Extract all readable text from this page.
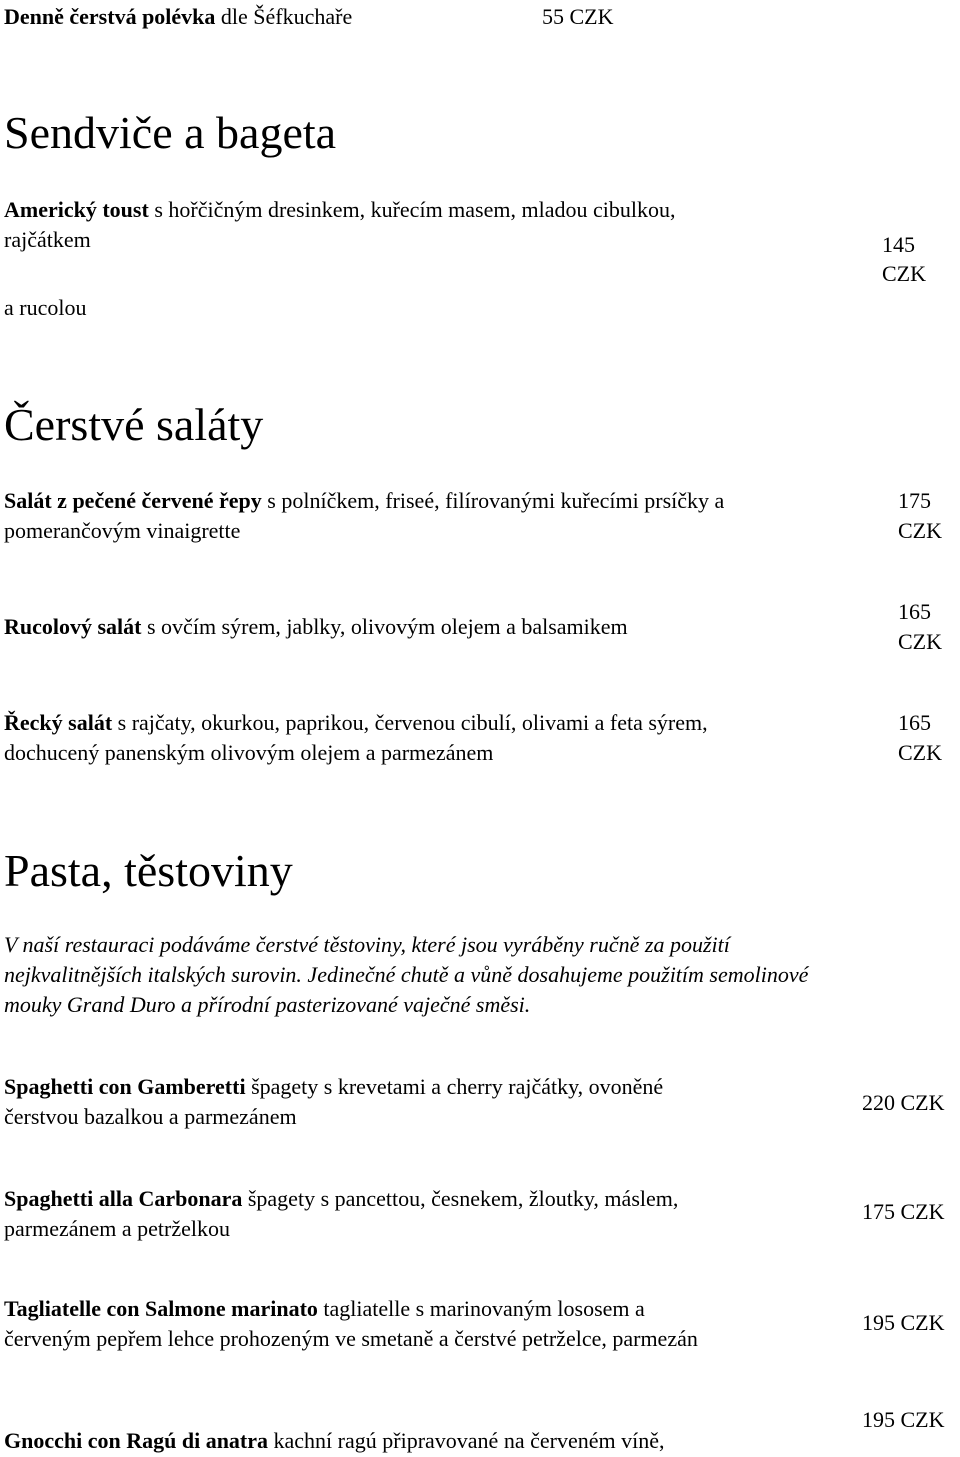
Denně čerstvá polévka dle Šéfkuchaře	55 CZK
Sendviče a bageta
Americký toust s hořčičným dresinkem, kuřecím masem, mladou cibulkou,
rajčátkem
a rucolou
145
CZK
Čerstvé saláty
Salát z pečené červené řepy s polníčkem, friseé, filírovanými kuřecími prsíčky a
pomerančovým vinaigrette
175
CZK
Rucolový salát s ovčím sýrem, jablky, olivovým olejem a balsamikem
165
CZK
Řecký salát s rajčaty, okurkou, paprikou, červenou cibulí, olivami a feta sýrem,
dochucený panenským olivovým olejem a parmezánem
165
CZK
Pasta, těstoviny
V naší restauraci podáváme čerstvé těstoviny, které jsou vyráběny ručně za použití
nejkvalitnějších italských surovin. Jedinečné chutě a vůně dosahujeme použitím semolinové
mouky Grand Duro a přírodní pasterizované vaječné směsi.
Spaghetti con Gamberetti špagety s krevetami a cherry rajčátky, ovoněné
čerstvou bazalkou a parmezánem
220 CZK
Spaghetti alla Carbonara špagety s pancettou, česnekem, žloutky, máslem,
parmezánem a petrželkou
175 CZK
Tagliatelle con Salmone marinato tagliatelle s marinovaným lososem a
červeným pepřem lehce prohozeným ve smetaně a čerstvé petrželce, parmezán
195 CZK
Gnocchi con Ragú di anatra kachní ragú připravované na červeném víně,
195 CZK
